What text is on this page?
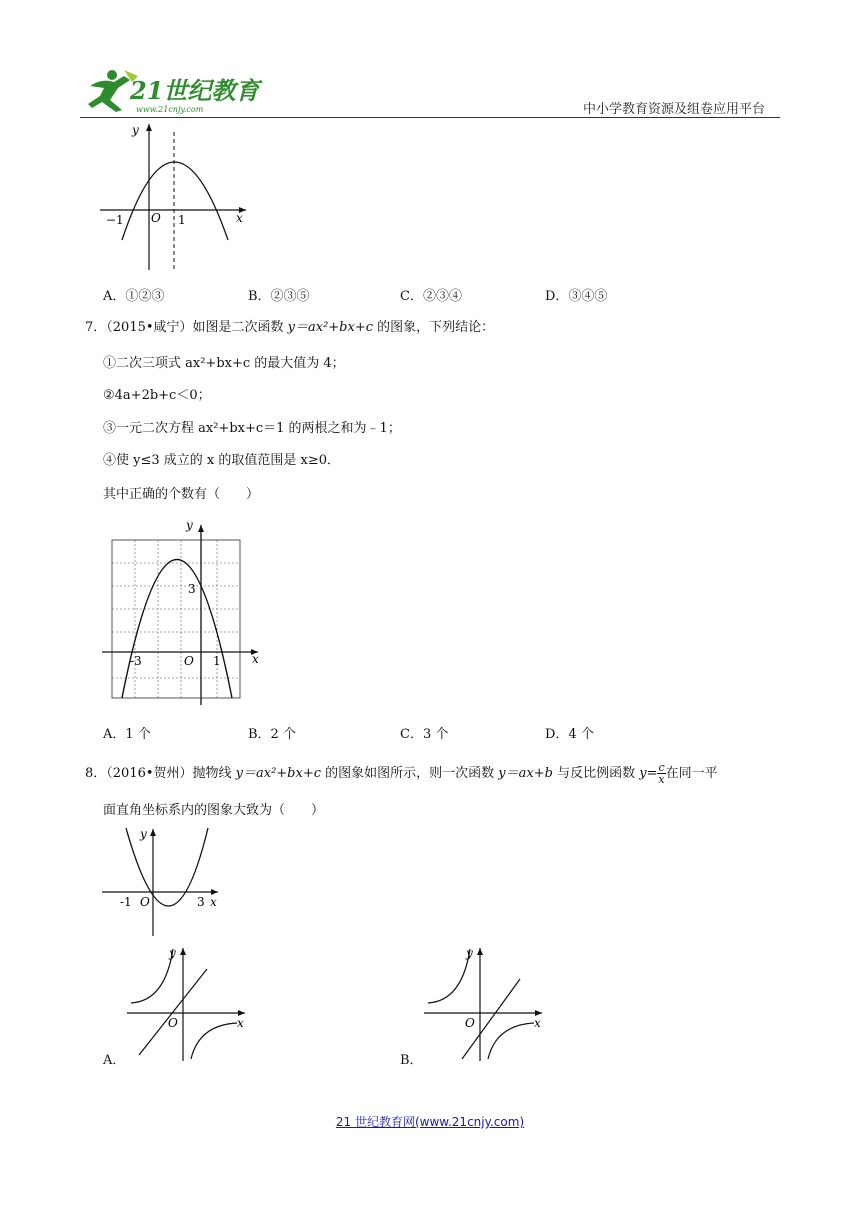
21世纪教育
www.21cnjy.com	中小学教育资源及组卷应用平台
y
x
O
−1	1
A．①②③	B．②③⑤	C．②③④	D．③④⑤
7．（2015•咸宁）如图是二次函数 y＝ax²+bx+c 的图象，下列结论：
①二次三项式 ax²+bx+c 的最大值为 4；
②4a+2b+c＜0；
③一元二次方程 ax²+bx+c＝1 的两根之和为﹣1；
④使 y≤3 成立的 x 的取值范围是 x≥0．
其中正确的个数有（　　）
y
x
O
3
-3	1
A．1 个	B．2 个	C．3 个	D．4 个
8．（2016•贺州）抛物线 y＝ax²+bx+c 的图象如图所示，则一次函数 y＝ax+b 与反比例函数 $y= \frac{c}{x}$ 在同一平
面直角坐标系内的图象大致为（　　）
y
x
O
-1	3
y
x
O
A．
y
x
O
B．
21 世纪教育网(www.21cnjy.com)
